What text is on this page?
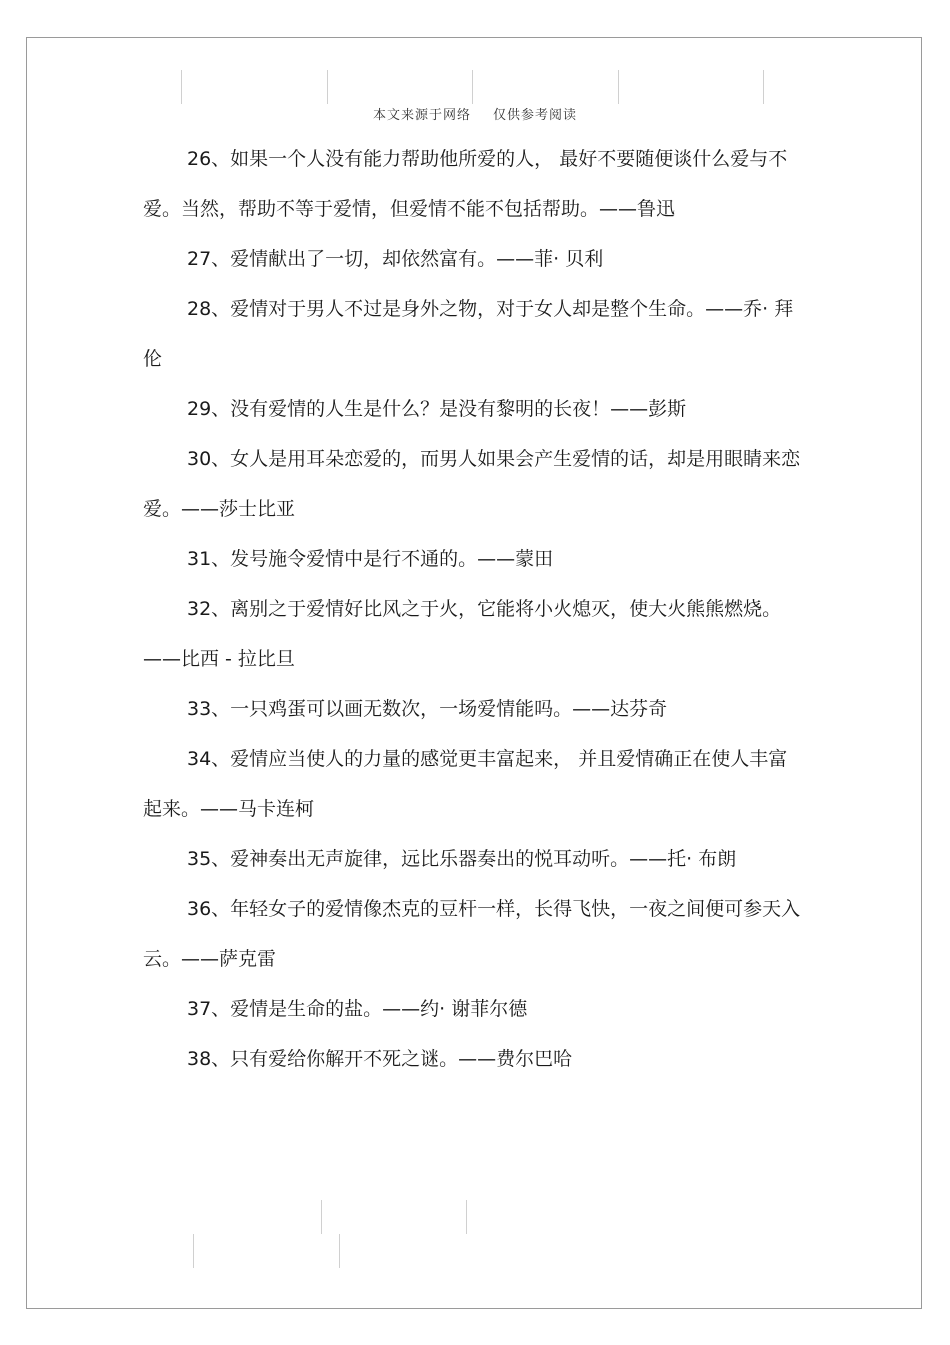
本文来源于网络 仅供参考阅读

26、如果一个人没有能力帮助他所爱的人， 最好不要随便谈什么爱与不爱。当然，帮助不等于爱情，但爱情不能不包括帮助。——鲁迅

27、爱情献出了一切，却依然富有。——菲· 贝利

28、爱情对于男人不过是身外之物，对于女人却是整个生命。——乔· 拜伦

29、没有爱情的人生是什么？是没有黎明的长夜！——彭斯

30、女人是用耳朵恋爱的，而男人如果会产生爱情的话，却是用眼睛来恋爱。——莎士比亚

31、发号施令爱情中是行不通的。——蒙田

32、离别之于爱情好比风之于火，它能将小火熄灭，使大火熊熊燃烧。——比西 - 拉比旦

33、一只鸡蛋可以画无数次，一场爱情能吗。——达芬奇

34、爱情应当使人的力量的感觉更丰富起来， 并且爱情确正在使人丰富起来。——马卡连柯

35、爱神奏出无声旋律，远比乐器奏出的悦耳动听。——托· 布朗

36、年轻女子的爱情像杰克的豆杆一样，长得飞快，一夜之间便可参天入云。——萨克雷

37、爱情是生命的盐。——约· 谢菲尔德

38、只有爱给你解开不死之谜。——费尔巴哈
